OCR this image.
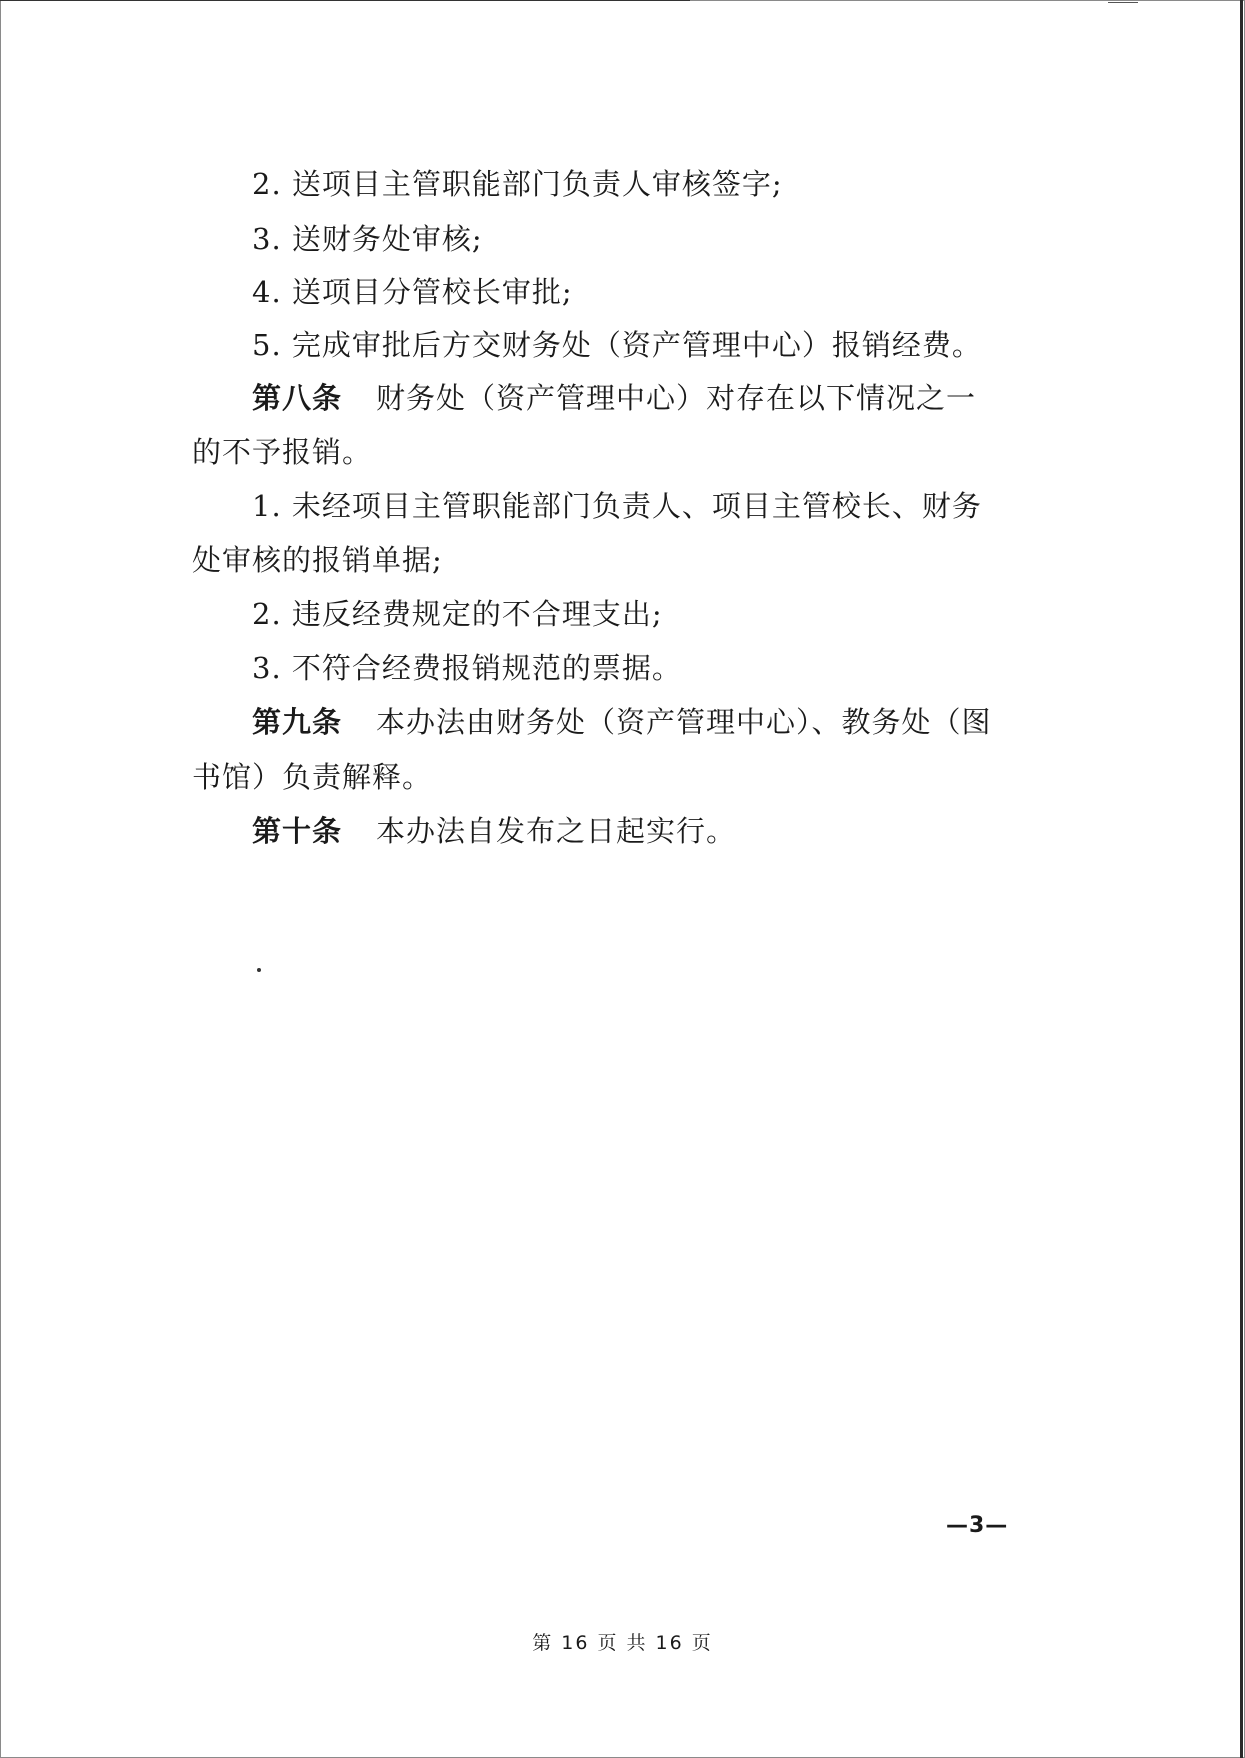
2. 送项目主管职能部门负责人审核签字;
3. 送财务处审核;
4. 送项目分管校长审批;
5. 完成审批后方交财务处（资产管理中心）报销经费。
第八条 财务处（资产管理中心）对存在以下情况之一
的不予报销。
1. 未经项目主管职能部门负责人、项目主管校长、财务
处审核的报销单据;
2. 违反经费规定的不合理支出;
3. 不符合经费报销规范的票据。
第九条 本办法由财务处（资产管理中心）、教务处（图
书馆）负责解释。
第十条 本办法自发布之日起实行。
—3—
第 16 页 共 16 页
